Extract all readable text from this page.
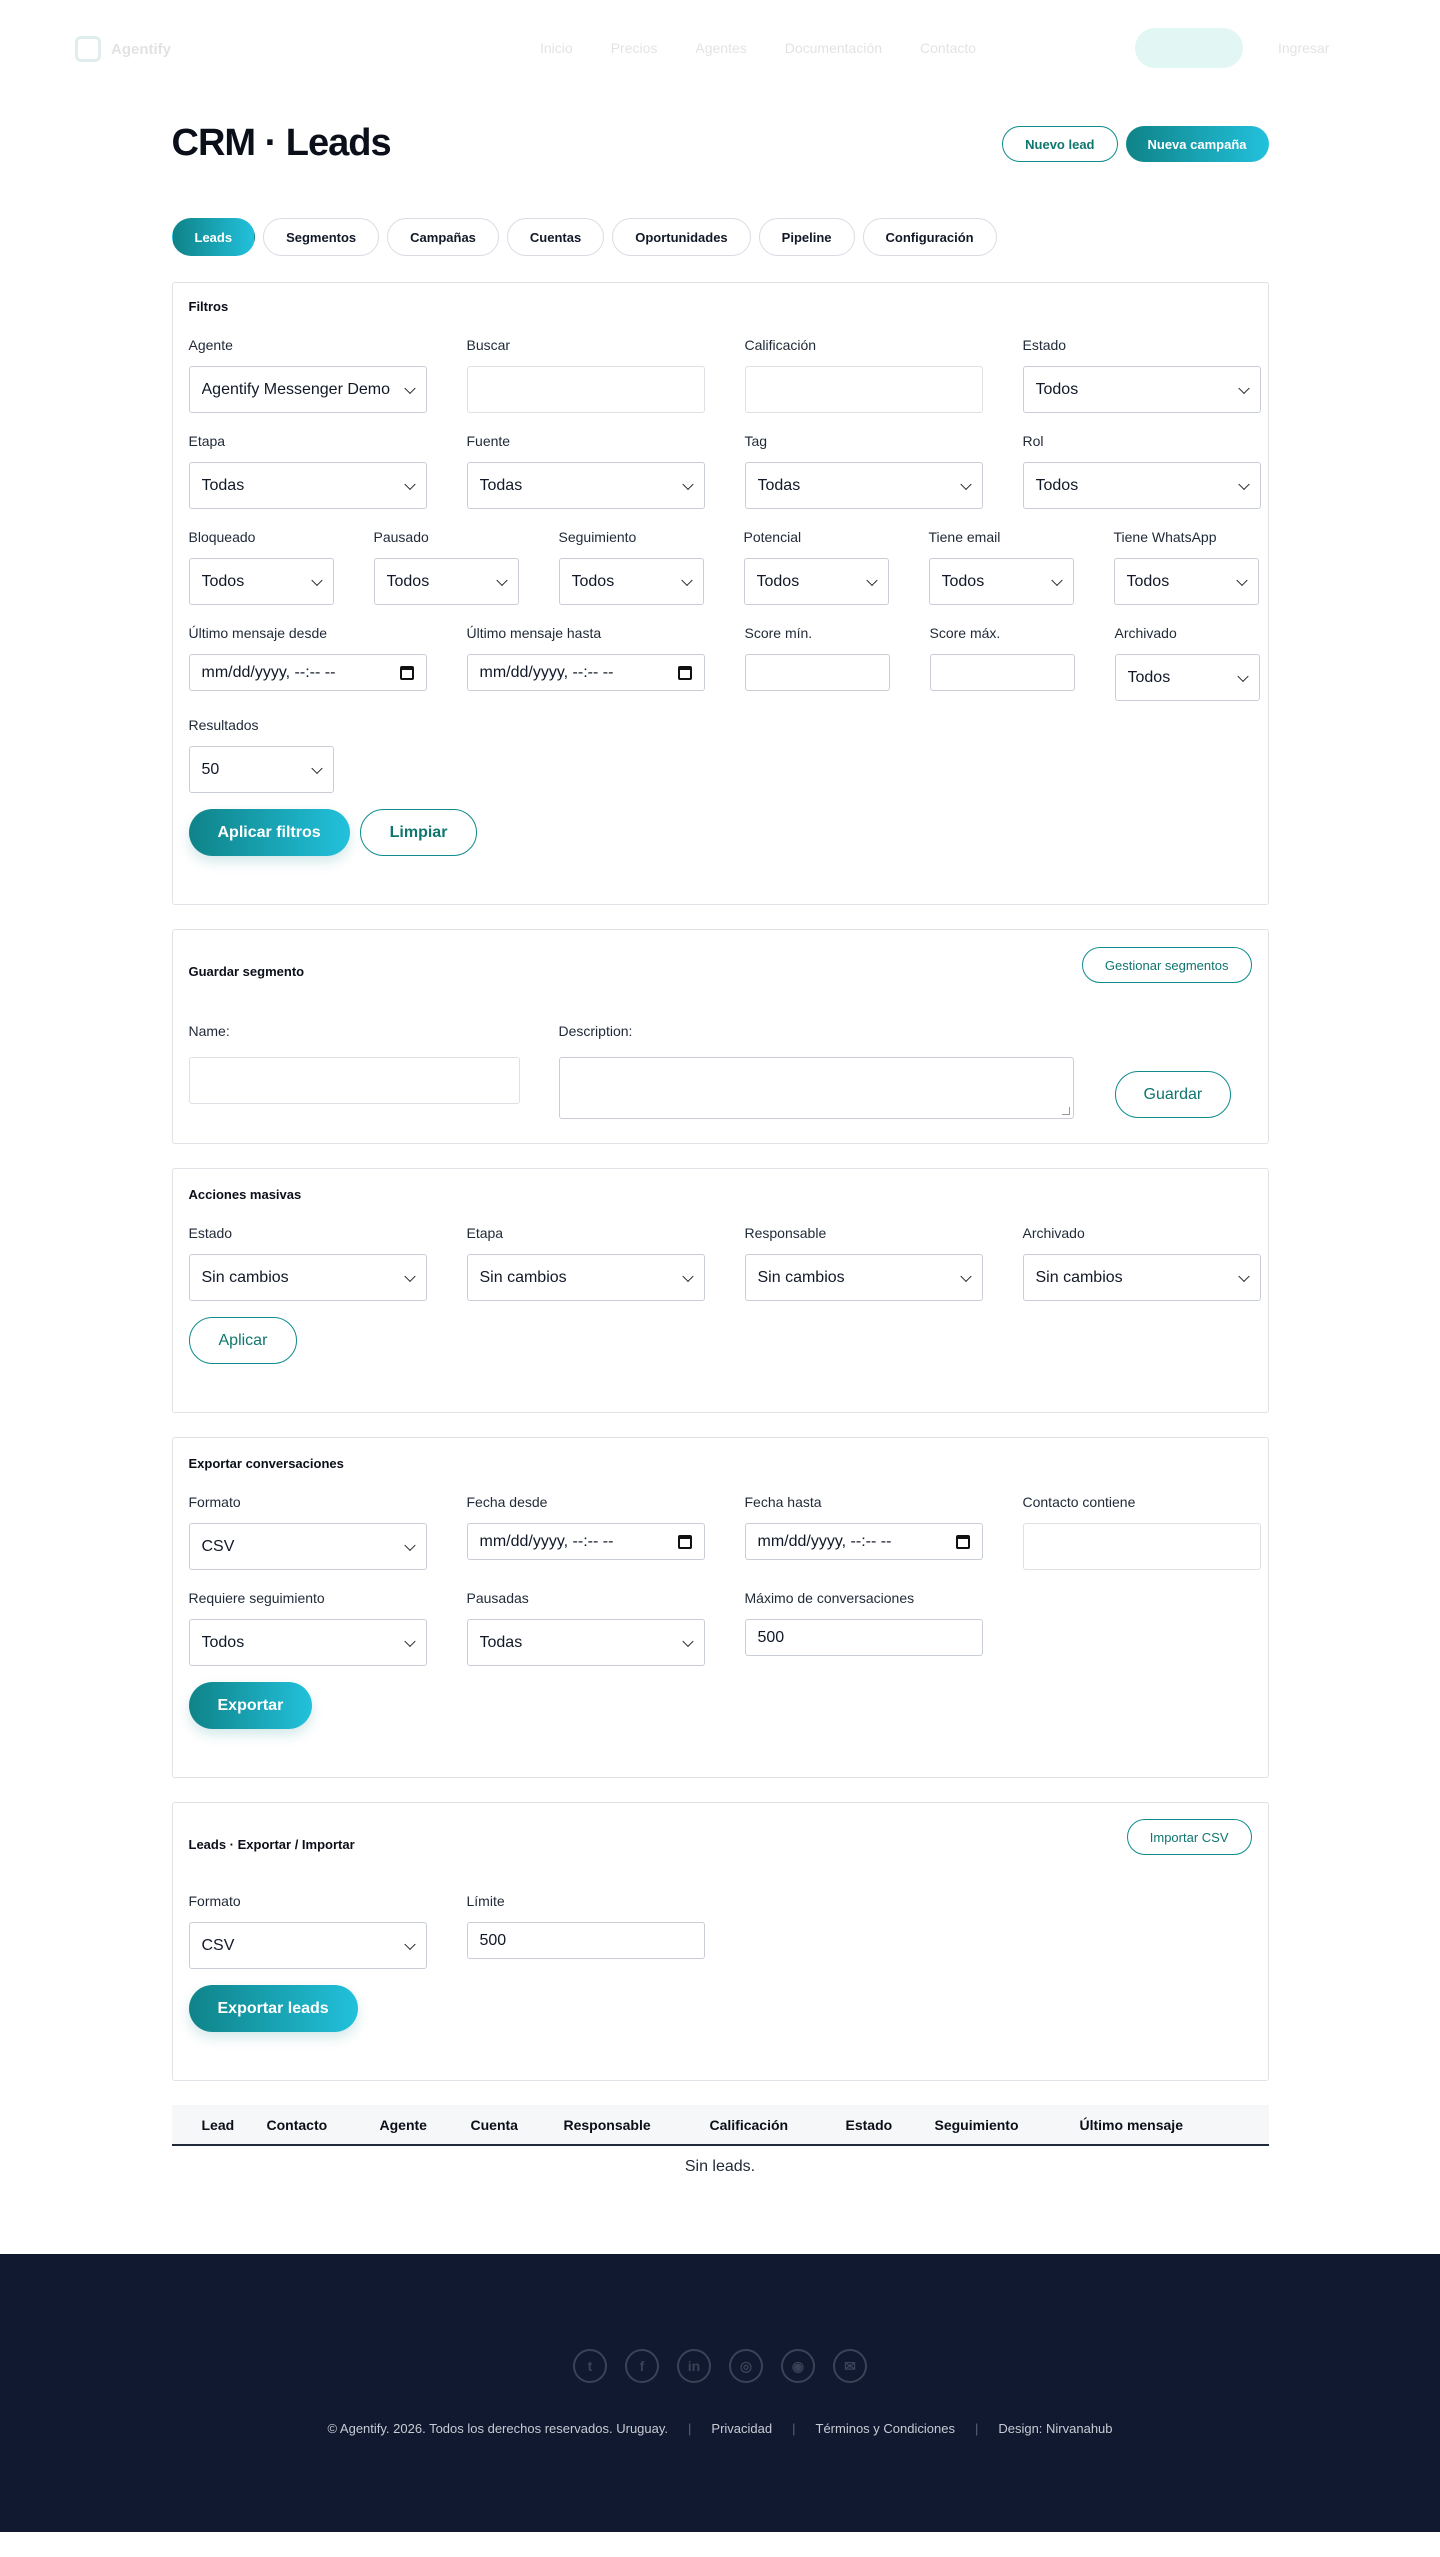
Agentify	Inicio	Precios	Agentes	Documentación	Contacto	Ingresar
CRM · Leads	Nuevo lead	Nueva campaña
Leads	Segmentos	Campañas	Cuentas	Oportunidades	Pipeline	Configuración
Filtros
Agente
Agentify Messenger Demo
Buscar	Calificación	Estado
Todos
Etapa
Todas
Fuente
Todas
Tag
Todas
Rol
Todos
Bloqueado
Todos
Pausado
Todos
Seguimiento
Todos
Potencial
Todos
Tiene email
Todos
Tiene WhatsApp
Todos
Último mensaje desde
mm/dd/yyyy, --:-- --
Último mensaje hasta
mm/dd/yyyy, --:-- --
Score mín.	Score máx.	Archivado
Todos
Resultados
50
Aplicar filtros	Limpiar
Guardar segmento	Gestionar segmentos
Name:	Description:
Guardar
Acciones masivas
Estado
Sin cambios
Etapa
Sin cambios
Responsable
Sin cambios
Archivado
Sin cambios
Aplicar
Exportar conversaciones
Formato
CSV
Fecha desde
mm/dd/yyyy, --:-- --
Fecha hasta
mm/dd/yyyy, --:-- --
Contacto contiene
Requiere seguimiento
Todos
Pausadas
Todas
Máximo de conversaciones
500
Exportar
Leads · Exportar / Importar	Importar CSV
Formato
CSV
Límite
500
Exportar leads
Lead	Contacto	Agente	Cuenta	Responsable	Calificación	Estado	Seguimiento	Último mensaje
Sin leads.
t	f	in	◎	◉	✉
© Agentify. 2026. Todos los derechos reservados. Uruguay. | Privacidad | Términos y Condiciones | Design: Nirvanahub
